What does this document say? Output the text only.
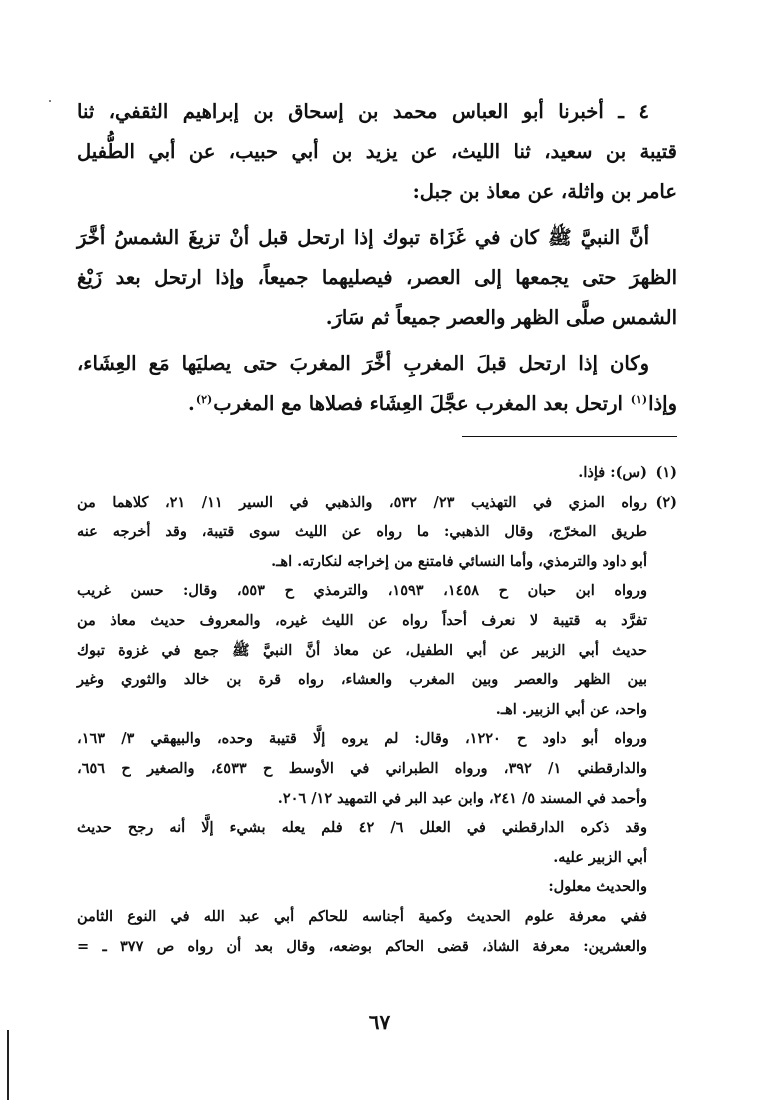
٤ ـ أخبرنا أبو العباس محمد بن إسحاق بن إبراهيم الثقفي، ثنا
قتيبة بن سعيد، ثنا الليث، عن يزيد بن أبي حبيب، عن أبي الطُّفيل
عامر بن واثلة، عن معاذ بن جبل:

أنَّ النبيَّ ﷺ كان في غَزَاة تبوك إذا ارتحل قبل أنْ تزيغَ الشمسُ أخَّرَ
الظهرَ حتى يجمعها إلى العصر، فيصليهما جميعاً، وإذا ارتحل بعد زَيْغ
الشمس صلَّى الظهر والعصر جميعاً ثم سَارَ.

وكان إذا ارتحل قبلَ المغربِ أخَّرَ المغربَ حتى يصليَها مَع العِشَاء،
وإذا$^{(١)}$ ارتحل بعد المغرب عجَّلَ العِشَاء فصلاها مع المغرب$^{(٢)}$.

(١)
(س): فإذا.
(٢)
رواه المزي في التهذيب ٢٣/ ٥٣٢، والذهبي في السير ١١/ ٢١، كلاهما من
طريق المخرّج، وقال الذهبي: ما رواه عن الليث سوى قتيبة، وقد أخرجه عنه
أبو داود والترمذي، وأما النسائي فامتنع من إخراجه لنكارته. اهـ.
ورواه ابن حبان ح ١٤٥٨، ١٥٩٣، والترمذي ح ٥٥٣، وقال: حسن غريب
تفرَّد به قتيبة لا نعرف أحداً رواه عن الليث غيره، والمعروف حديث معاذ من
حديث أبي الزبير عن أبي الطفيل، عن معاذ أنَّ النبيَّ ﷺ جمع في غزوة تبوك
بين الظهر والعصر وبين المغرب والعشاء، رواه قرة بن خالد والثوري وغير
واحد، عن أبي الزبير. اهـ.
ورواه أبو داود ح ١٢٢٠، وقال: لم يروه إلَّا قتيبة وحده، والبيهقي ٣/ ١٦٣،
والدارقطني ١/ ٣٩٢، ورواه الطبراني في الأوسط ح ٤٥٣٣، والصغير ح ٦٥٦،
وأحمد في المسند ٥/ ٢٤١، وابن عبد البر في التمهيد ١٢/ ٢٠٦.
وقد ذكره الدارقطني في العلل ٦/ ٤٢ فلم يعله بشيء إلَّا أنه رجح حديث
أبي الزبير عليه.
والحديث معلول:
ففي معرفة علوم الحديث وكمية أجناسه للحاكم أبي عبد الله في النوع الثامن
والعشرين: معرفة الشاذ، قضى الحاكم بوضعه، وقال بعد أن رواه ص ٣٧٧ ـ =
٦٧
